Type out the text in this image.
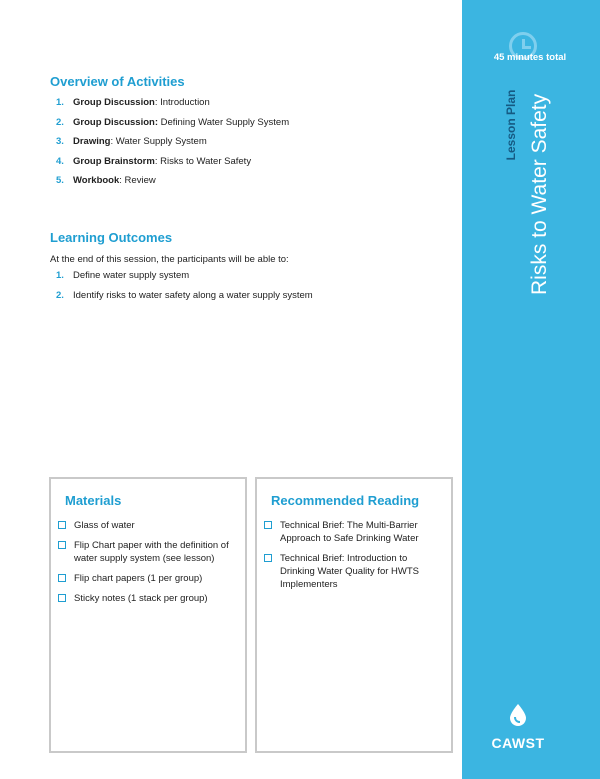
45 minutes total
Lesson Plan Risks to Water Safety
CAWST
Overview of Activities
1. Group Discussion: Introduction
2. Group Discussion: Defining Water Supply System
3. Drawing: Water Supply System
4. Group Brainstorm: Risks to Water Safety
5. Workbook: Review
Learning Outcomes
At the end of this session, the participants will be able to:
1. Define water supply system
2. Identify risks to water safety along a water supply system
Materials
Glass of water
Flip Chart paper with the definition of water supply system (see lesson)
Flip chart papers (1 per group)
Sticky notes (1 stack per group)
Recommended Reading
Technical Brief: The Multi-Barrier Approach to Safe Drinking Water
Technical Brief: Introduction to Drinking Water Quality for HWTS Implementers
